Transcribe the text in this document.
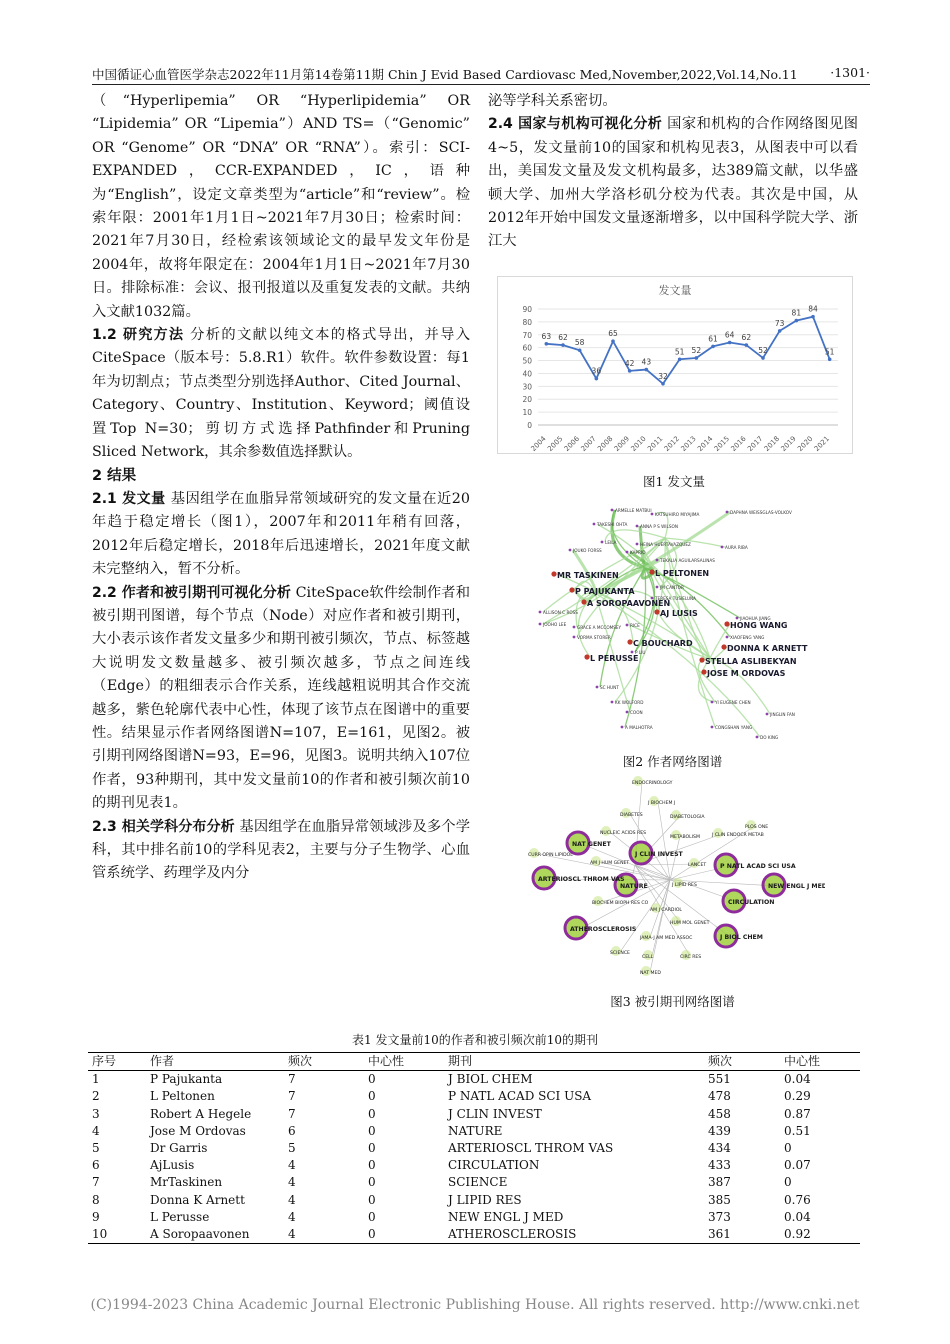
中国循证心血管医学杂志2022年11月第14卷第11期 Chin J Evid Based Cardiovasc Med,November,2022,Vol.14,No.11	·1301·

（“Hyperlipemia” OR “Hyperlipidemia” OR “Lipidemia” OR “Lipemia”）AND TS=（“Genomic” OR “Genome” OR “DNA” OR “RNA”）。索引：SCI-EXPANDED，CCR-EXPANDED，IC，语种为“English”，设定文章类型为“article”和“review”。检索年限：2001年1月1日~2021年7月30日；检索时间：2021年7月30日，经检索该领域论文的最早发文年份是2004年，故将年限定在：2004年1月1日~2021年7月30日。排除标准：会议、报刊报道以及重复发表的文献。共纳入文献1032篇。

1.2 研究方法 分析的文献以纯文本的格式导出，并导入CiteSpace（版本号：5.8.R1）软件。软件参数设置：每1年为切割点；节点类型分别选择Author、Cited Journal、Category、Country、Institution、Keyword；阈值设置Top N=30；剪切方式选择Pathfinder和Pruning Sliced Network，其余参数值选择默认。

2 结果

2.1 发文量 基因组学在血脂异常领域研究的发文量在近20年趋于稳定增长（图1），2007年和2011年稍有回落，2012年后稳定增长，2018年后迅速增长，2021年度文献未完整纳入，暂不分析。

2.2 作者和被引期刊可视化分析 CiteSpace软件绘制作者和被引期刊图谱，每个节点（Node）对应作者和被引期刊，大小表示该作者发文量多少和期刊被引频次，节点、标签越大说明发文数量越多、被引频次越多，节点之间连线（Edge）的粗细表示合作关系，连线越粗说明其合作交流越多，紫色轮廓代表中心性，体现了该节点在图谱中的重要性。结果显示作者网络图谱N=107，E=161，见图2。被引期刊网络图谱N=93，E=96，见图3。说明共纳入107位作者，93种期刊，其中发文量前10的作者和被引频次前10的期刊见表1。

2.3 相关学科分布分析 基因组学在血脂异常领域涉及多个学科，其中排名前10的学科见表2，主要与分子生物学、心血管系统学、药理学及内分

泌等学科关系密切。

2.4 国家与机构可视化分析 国家和机构的合作网络图见图4~5，发文量前10的国家和机构见表3，从图表中可以看出，美国发文量及发文机构最多，达389篇文献，以华盛顿大学、加州大学洛杉矶分校为代表。其次是中国，从2012年开始中国发文量逐渐增多，以中国科学院大学、浙江大

发文量
0
10
20
30
40
50
60
70
80
90
2004
2005
2006
2007
2008
2009
2010
2011
2012
2013
2014
2015
2016
2017
2018
2019
2020
2021
63 62
58
36
65
42 43
32
51 52
61 64 62
52
73
81 84
51
图1 发文量
ARMELLE MATBUI
KATSUHIRO MIYAJIMA	DAPHNA WEISSGLAS-VOLKOV
TAKESHI OHTA	ANNA P S WILSON
LEILA
JOUKO FORSS
HEINA HUERTAVAZQUEZ
KAPRIO
AURA RIBA
TEKALIA AGUILARSALINAS
MR TASKINEN	L PELTONEN
JM CANTOR
P PAJUKANTA
TERESA TUSIELUNA
A SOROPAAVONEN
ALLISON C ROSS	AJ LUSIS
HONG WANG
JIAOHUA JIANG
JOOHO LEE
GRACE A MCCOMSEY RICE
XIAOFENG YANG
VORMA STORER
C BOUCHARD
DONNA K ARNETT
P LIU
STELLA ASLIBEKYAN
L PERUSSE
JOSE M ORDOVAS
SC HUNT
KK WOLFORD
COON
YI EUGENE CHEN
A MALHOTRA	CONGSHAN YANG
DO KING
JINGLIN FAN
图2 作者网络图谱
ENDOCRINOLOGY
J BIOCHEM J
DIABETES	DIABETOLOGIA
NUCLEIC ACIDS RES
METABOLISM	J CLIN ENDOCR METAB
PLOS ONE
NAT GENET
J CLIN INVEST
CURR OPIN LIPIDOL
AM J HUM GENET	LANCET P NATL ACAD SCI USA
ARTERIOSCL THROM VAS
NATURE	J LIPID RES	NEW ENGL J MED
CIRCULATION
BIOCHEM BIOPH RES CO
AM J CARDIOL
HUM MOL GENET
ATHEROSCLEROSIS
JAMA-J AM MED ASSOC	J BIOL CHEM
SCIENCE
CELL	CIRC RES
NAT MED
图3 被引期刊网络图谱
表1 发文量前10的作者和被引频次前10的期刊
序号	作者	频次	中心性	期刊	频次	中心性
1	P Pajukanta	7	0	J BIOL CHEM	551	0.04
2	L Peltonen	7	0	P NATL ACAD SCI USA	478	0.29
3	Robert A Hegele	7	0	J CLIN INVEST	458	0.87
4	Jose M Ordovas	6	0	NATURE	439	0.51
5	Dr Garris	5	0	ARTERIOSCL THROM VAS	434	0
6	AjLusis	4	0	CIRCULATION	433	0.07
7	MrTaskinen	4	0	SCIENCE	387	0
8	Donna K Arnett	4	0	J LIPID RES	385	0.76
9	L Perusse	4	0	NEW ENGL J MED	373	0.04
10	A Soropaavonen	4	0	ATHEROSCLEROSIS	361	0.92
(C)1994-2023 China Academic Journal Electronic Publishing House. All rights reserved. http://www.cnki.net
